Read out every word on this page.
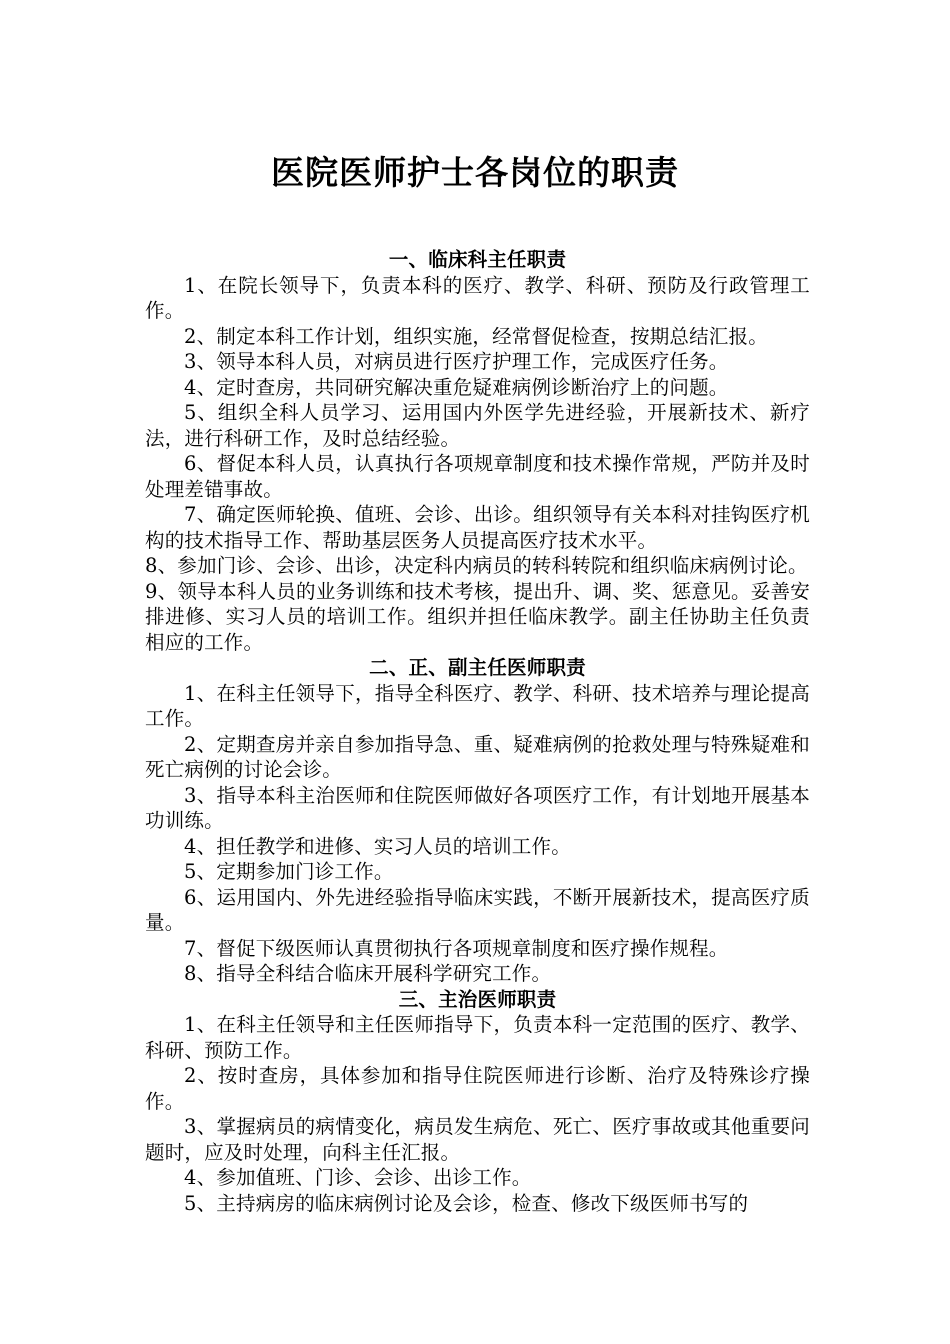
医院医师护士各岗位的职责

一、临床科主任职责

1、在院长领导下，负责本科的医疗、教学、科研、预防及行政管理工作。

2、制定本科工作计划，组织实施，经常督促检查，按期总结汇报。

3、领导本科人员，对病员进行医疗护理工作，完成医疗任务。

4、定时查房，共同研究解决重危疑难病例诊断治疗上的问题。

5、组织全科人员学习、运用国内外医学先进经验，开展新技术、新疗法，进行科研工作，及时总结经验。

6、督促本科人员，认真执行各项规章制度和技术操作常规，严防并及时处理差错事故。

7、确定医师轮换、值班、会诊、出诊。组织领导有关本科对挂钩医疗机构的技术指导工作、帮助基层医务人员提高医疗技术水平。

8、参加门诊、会诊、出诊，决定科内病员的转科转院和组织临床病例讨论。

9、领导本科人员的业务训练和技术考核，提出升、调、奖、惩意见。妥善安排进修、实习人员的培训工作。组织并担任临床教学。副主任协助主任负责相应的工作。

二、正、副主任医师职责

1、在科主任领导下，指导全科医疗、教学、科研、技术培养与理论提高工作。

2、定期查房并亲自参加指导急、重、疑难病例的抢救处理与特殊疑难和死亡病例的讨论会诊。

3、指导本科主治医师和住院医师做好各项医疗工作，有计划地开展基本功训练。

4、担任教学和进修、实习人员的培训工作。

5、定期参加门诊工作。

6、运用国内、外先进经验指导临床实践，不断开展新技术，提高医疗质量。

7、督促下级医师认真贯彻执行各项规章制度和医疗操作规程。

8、指导全科结合临床开展科学研究工作。

三、主治医师职责

1、在科主任领导和主任医师指导下，负责本科一定范围的医疗、教学、科研、预防工作。

2、按时查房，具体参加和指导住院医师进行诊断、治疗及特殊诊疗操作。

3、掌握病员的病情变化，病员发生病危、死亡、医疗事故或其他重要问题时，应及时处理，向科主任汇报。

4、参加值班、门诊、会诊、出诊工作。

5、主持病房的临床病例讨论及会诊，检查、修改下级医师书写的
